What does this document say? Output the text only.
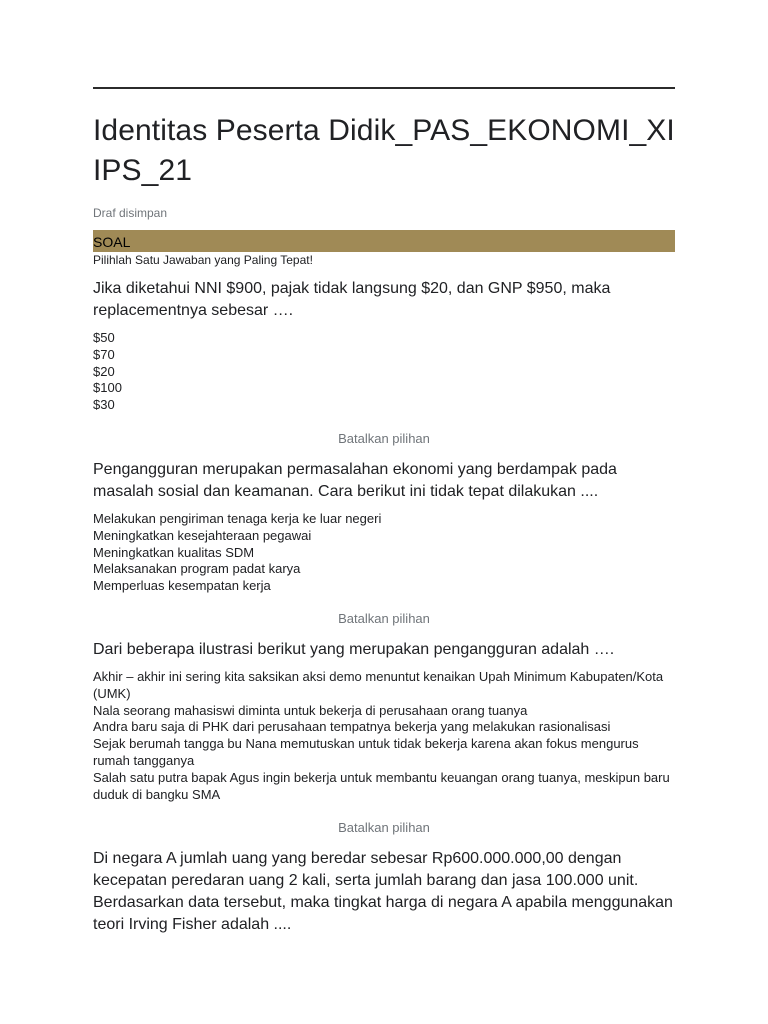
Identitas Peserta Didik_PAS_EKONOMI_XI IPS_21
Draf disimpan
SOAL
Pilihlah Satu Jawaban yang Paling Tepat!

Jika diketahui NNI $900, pajak tidak langsung $20, dan GNP $950, maka replacementnya sebesar ….

$50
$70
$20
$100
$30
Batalkan pilihan

Pengangguran merupakan permasalahan ekonomi yang berdampak pada masalah sosial dan keamanan. Cara berikut ini tidak tepat dilakukan ....

Melakukan pengiriman tenaga kerja ke luar negeri
Meningkatkan kesejahteraan pegawai
Meningkatkan kualitas SDM
Melaksanakan program padat karya
Memperluas kesempatan kerja
Batalkan pilihan

Dari beberapa ilustrasi berikut yang merupakan pengangguran adalah ….

Akhir – akhir ini sering kita saksikan aksi demo menuntut kenaikan Upah Minimum Kabupaten/Kota (UMK)
Nala seorang mahasiswi diminta untuk bekerja di perusahaan orang tuanya
Andra baru saja di PHK dari perusahaan tempatnya bekerja yang melakukan rasionalisasi
Sejak berumah tangga bu Nana memutuskan untuk tidak bekerja karena akan fokus mengurus rumah tangganya
Salah satu putra bapak Agus ingin bekerja untuk membantu keuangan orang tuanya, meskipun baru duduk di bangku SMA
Batalkan pilihan

Di negara A jumlah uang yang beredar sebesar Rp600.000.000,00 dengan kecepatan peredaran uang 2 kali, serta jumlah barang dan jasa 100.000 unit. Berdasarkan data tersebut, maka tingkat harga di negara A apabila menggunakan teori Irving Fisher adalah ....
